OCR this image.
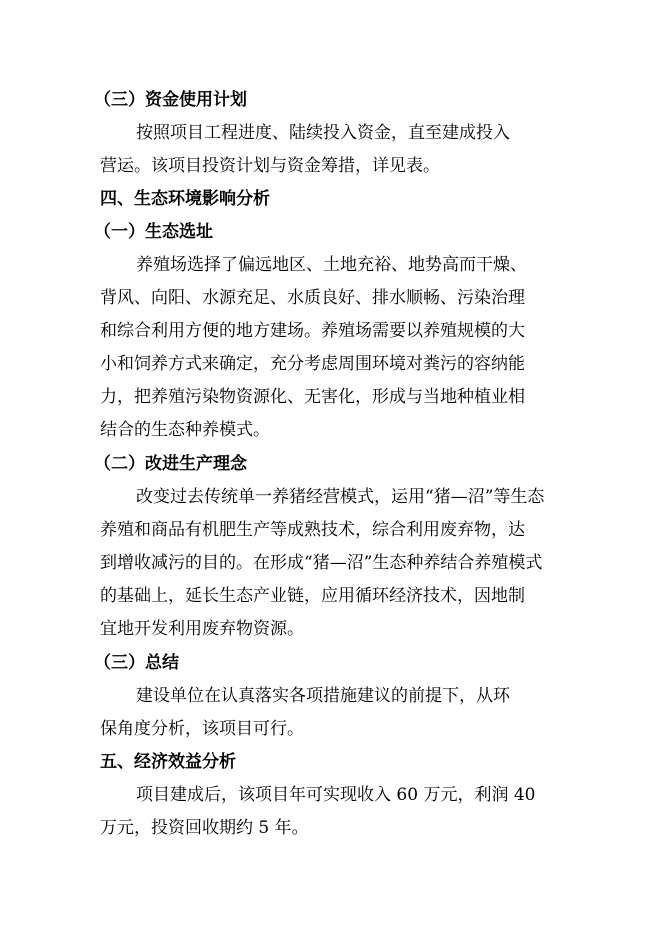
（三）资金使用计划
按照项目工程进度、陆续投入资金，直至建成投入
营运。该项目投资计划与资金筹措，详见表。
四、生态环境影响分析
（一）生态选址
养殖场选择了偏远地区、土地充裕、地势高而干燥、
背风、向阳、水源充足、水质良好、排水顺畅、污染治理
和综合利用方便的地方建场。养殖场需要以养殖规模的大
小和饲养方式来确定，充分考虑周围环境对粪污的容纳能
力，把养殖污染物资源化、无害化，形成与当地种植业相
结合的生态种养模式。
（二）改进生产理念
改变过去传统单一养猪经营模式，运用“猪—沼”等生态
养殖和商品有机肥生产等成熟技术，综合利用废弃物，达
到增收减污的目的。在形成“猪—沼”生态种养结合养殖模式
的基础上，延长生态产业链，应用循环经济技术，因地制
宜地开发利用废弃物资源。
（三）总结
建设单位在认真落实各项措施建议的前提下，从环
保角度分析，该项目可行。
五、经济效益分析
项目建成后，该项目年可实现收入 60 万元，利润 40
万元，投资回收期约 5 年。
